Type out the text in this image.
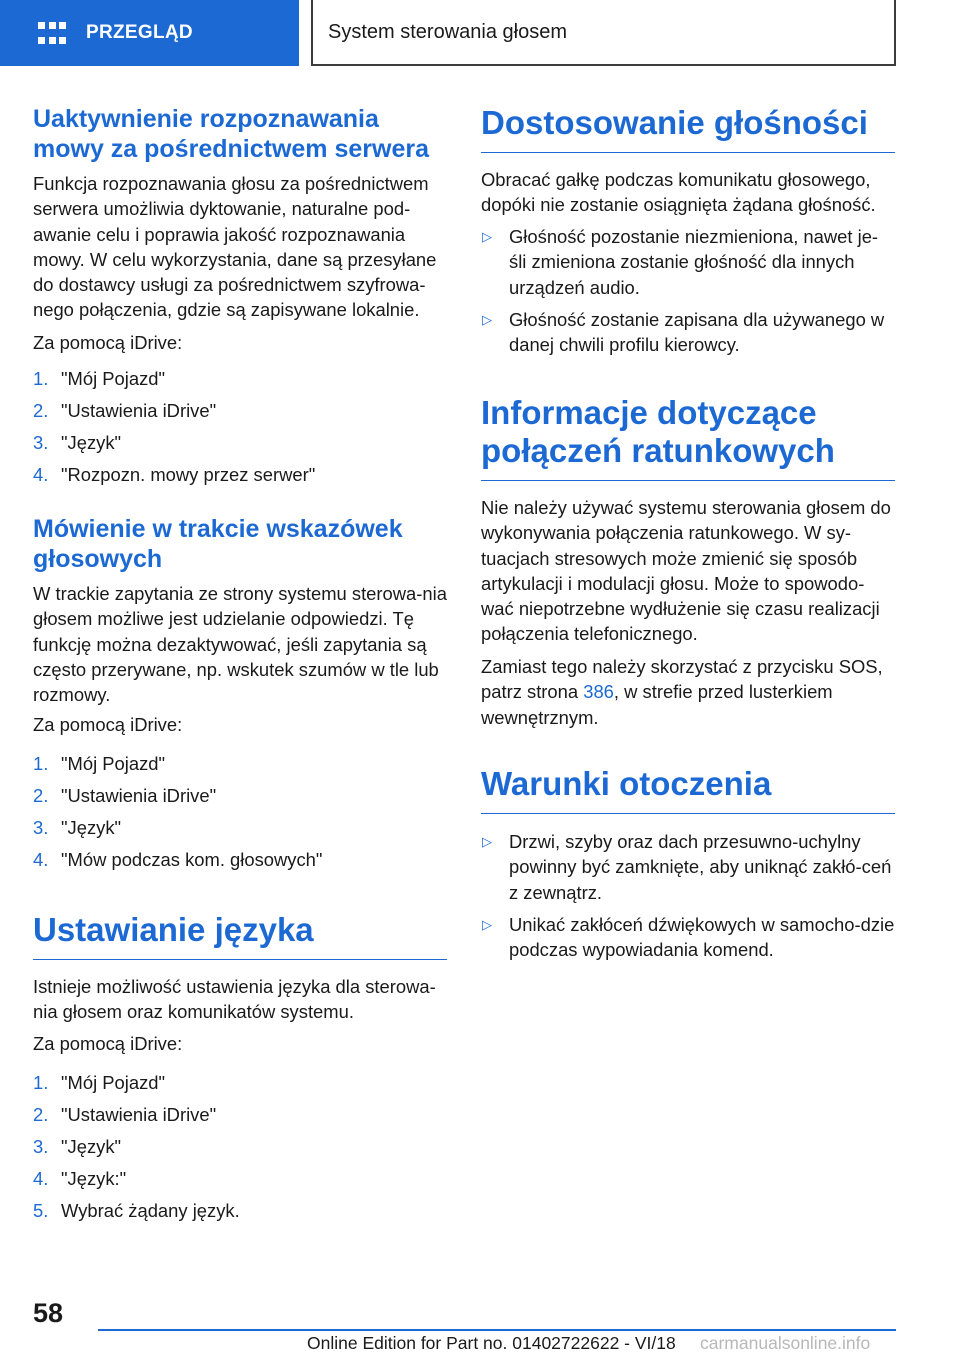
PRZEGLĄD	System sterowania głosem
Uaktywnienie rozpoznawania mowy za pośrednictwem serwera

Funkcja rozpoznawania głosu za pośrednictwem serwera umożliwia dyktowanie, naturalne pod-awanie celu i poprawia jakość rozpoznawania mowy. W celu wykorzystania, dane są przesyłane do dostawcy usługi za pośrednictwem szyfrowa-nego połączenia, gdzie są zapisywane lokalnie.

Za pomocą iDrive:

1. "Mój Pojazd"
2. "Ustawienia iDrive"
3. "Język"
4. "Rozpozn. mowy przez serwer"
Mówienie w trakcie wskazówek głosowych

W trackie zapytania ze strony systemu sterowa-nia głosem możliwe jest udzielanie odpowiedzi. Tę funkcję można dezaktywować, jeśli zapytania są często przerywane, np. wskutek szumów w tle lub rozmowy.

Za pomocą iDrive:

1. "Mój Pojazd"
2. "Ustawienia iDrive"
3. "Język"
4. "Mów podczas kom. głosowych"
Ustawianie języka

Istnieje możliwość ustawienia języka dla sterowa-nia głosem oraz komunikatów systemu.

Za pomocą iDrive:

1. "Mój Pojazd"
2. "Ustawienia iDrive"
3. "Język"
4. "Język:"
5. Wybrać żądany język.
Dostosowanie głośności

Obracać gałkę podczas komunikatu głosowego, dopóki nie zostanie osiągnięta żądana głośność.

▷ Głośność pozostanie niezmieniona, nawet je-śli zmieniona zostanie głośność dla innych urządzeń audio.
▷ Głośność zostanie zapisana dla używanego w danej chwili profilu kierowcy.
Informacje dotyczące połączeń ratunkowych

Nie należy używać systemu sterowania głosem do wykonywania połączenia ratunkowego. W sy-tuacjach stresowych może zmienić się sposób artykulacji i modulacji głosu. Może to spowodo-wać niepotrzebne wydłużenie się czasu realizacji połączenia telefonicznego.

Zamiast tego należy skorzystać z przycisku SOS, patrz strona 386, w strefie przed lusterkiem wewnętrznym.

Warunki otoczenia
▷ Drzwi, szyby oraz dach przesuwno-uchylny powinny być zamknięte, aby uniknąć zakłó-ceń z zewnątrz.
▷ Unikać zakłóceń dźwiękowych w samocho-dzie podczas wypowiadania komend.
58
Online Edition for Part no. 01402722622 - VI/18 carmanualsonline.info
